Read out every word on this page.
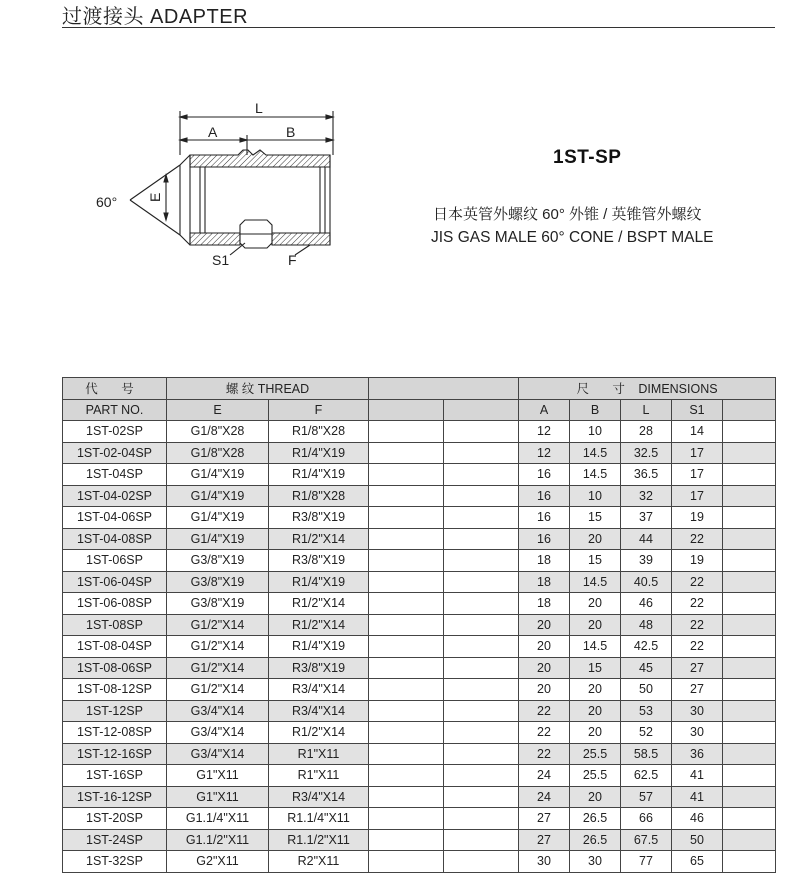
过渡接头 ADAPTER
L
A	B
E
60°
S1	F
1ST-SP
日本英管外螺纹 60° 外锥 / 英锥管外螺纹
JIS GAS MALE 60° CONE / BSPT MALE
代 号	螺 纹 THREAD				尺 寸 DIMENSIONS				
PART NO.	E	F			A	B	L	S1	
1ST-02SP	G1/8"X28	R1/8"X28			12	10	28	14	
1ST-02-04SP	G1/8"X28	R1/4"X19			12	14.5	32.5	17	
1ST-04SP	G1/4"X19	R1/4"X19			16	14.5	36.5	17	
1ST-04-02SP	G1/4"X19	R1/8"X28			16	10	32	17	
1ST-04-06SP	G1/4"X19	R3/8"X19			16	15	37	19	
1ST-04-08SP	G1/4"X19	R1/2"X14			16	20	44	22	
1ST-06SP	G3/8"X19	R3/8"X19			18	15	39	19	
1ST-06-04SP	G3/8"X19	R1/4"X19			18	14.5	40.5	22	
1ST-06-08SP	G3/8"X19	R1/2"X14			18	20	46	22	
1ST-08SP	G1/2"X14	R1/2"X14			20	20	48	22	
1ST-08-04SP	G1/2"X14	R1/4"X19			20	14.5	42.5	22	
1ST-08-06SP	G1/2"X14	R3/8"X19			20	15	45	27	
1ST-08-12SP	G1/2"X14	R3/4"X14			20	20	50	27	
1ST-12SP	G3/4"X14	R3/4"X14			22	20	53	30	
1ST-12-08SP	G3/4"X14	R1/2"X14			22	20	52	30	
1ST-12-16SP	G3/4"X14	R1"X11			22	25.5	58.5	36	
1ST-16SP	G1"X11	R1"X11			24	25.5	62.5	41	
1ST-16-12SP	G1"X11	R3/4"X14			24	20	57	41	
1ST-20SP	G1.1/4"X11	R1.1/4"X11			27	26.5	66	46	
1ST-24SP	G1.1/2"X11	R1.1/2"X11			27	26.5	67.5	50	
1ST-32SP	G2"X11	R2"X11			30	30	77	65	
